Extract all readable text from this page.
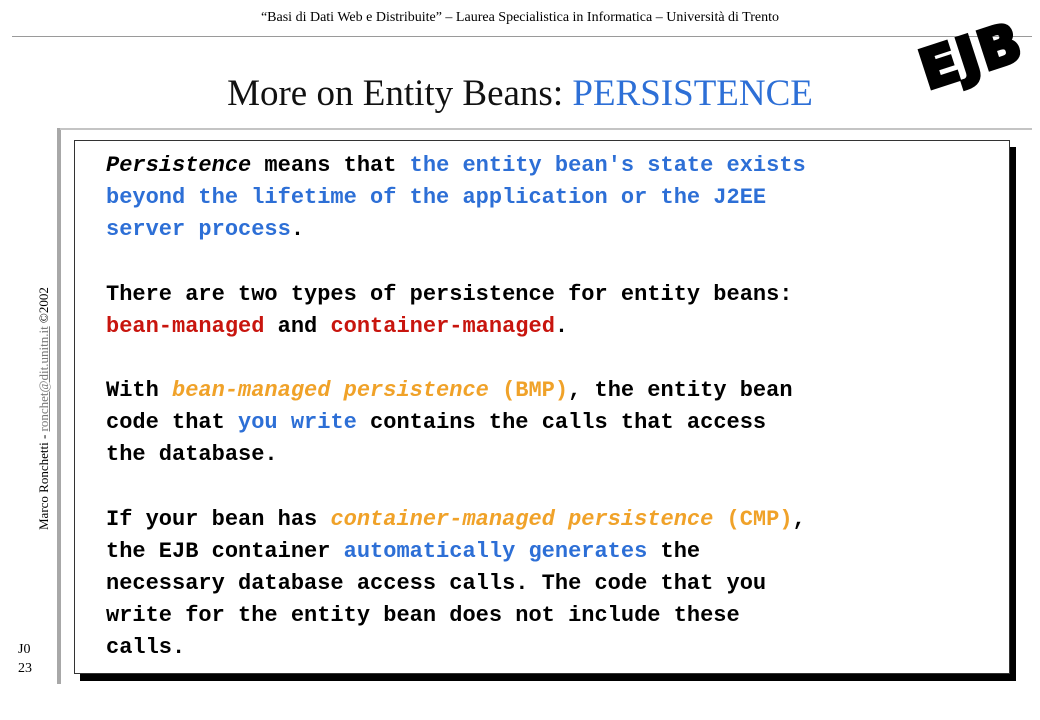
“Basi di Dati Web e Distribuite” – Laurea Specialistica in Informatica – Università di Trento
More on Entity Beans: PERSISTENCE	EJB
Marco Ronchetti - ronchet@dit.unitn.it ©2002
J0
23
Persistence means that the entity bean's state exists
beyond the lifetime of the application or the J2EE
server process.
There are two types of persistence for entity beans:
bean-managed and container-managed.
With bean-managed persistence (BMP), the entity bean
code that you write contains the calls that access
the database.
If your bean has container-managed persistence (CMP),
the EJB container automatically generates the
necessary database access calls. The code that you
write for the entity bean does not include these
calls.
